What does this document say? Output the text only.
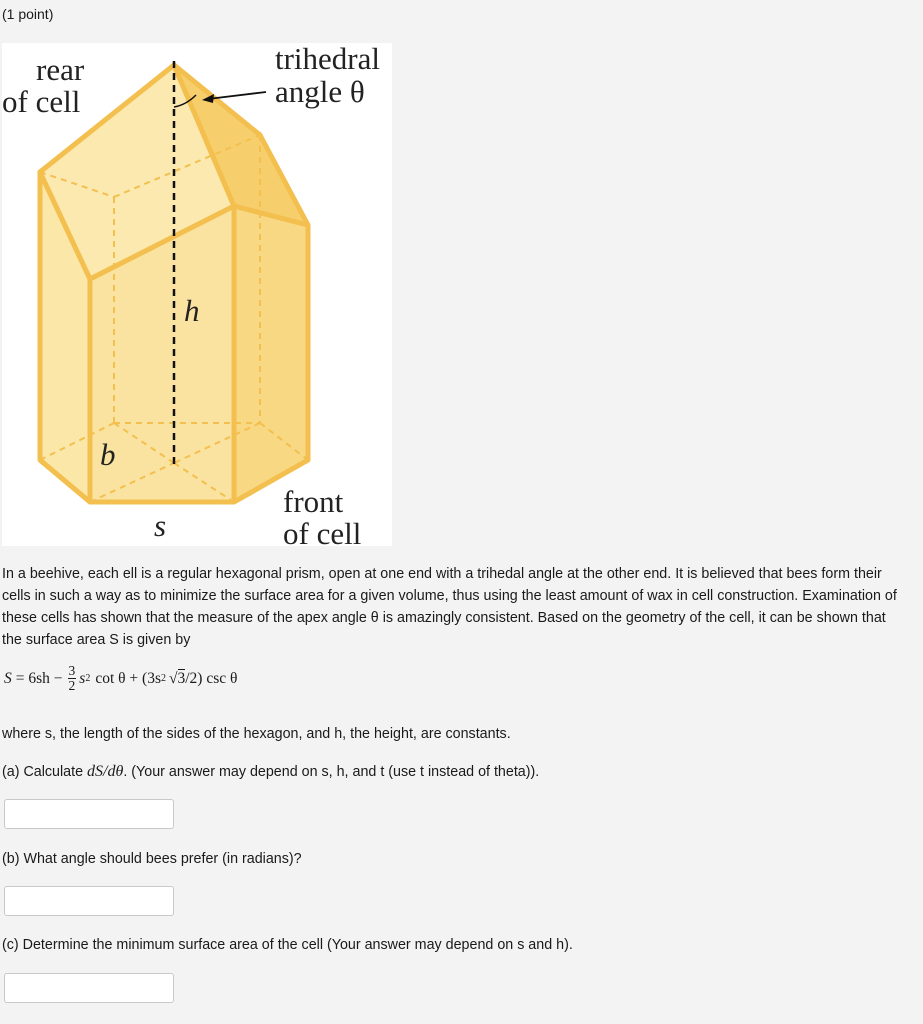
(1 point)
rear
of cell
trihedral
angle θ
h
b
s
front
of cell
In a beehive, each ell is a regular hexagonal prism, open at one end with a trihedal angle at the other end. It is believed that bees form their cells in such a way as to minimize the surface area for a given volume, thus using the least amount of wax in cell construction. Examination of these cells has shown that the measure of the apex angle θ is amazingly consistent. Based on the geometry of the cell, it can be shown that the surface area S is given by
$S = 6sh - \frac{3}{2}$ s 2 cot θ + (3s 2 √ 3 /2) csc θ
where s, the length of the sides of the hexagon, and h, the height, are constants.
(a) Calculate dS/dθ. (Your answer may depend on s, h, and t (use t instead of theta)).
(b) What angle should bees prefer (in radians)?
(c) Determine the minimum surface area of the cell (Your answer may depend on s and h).
